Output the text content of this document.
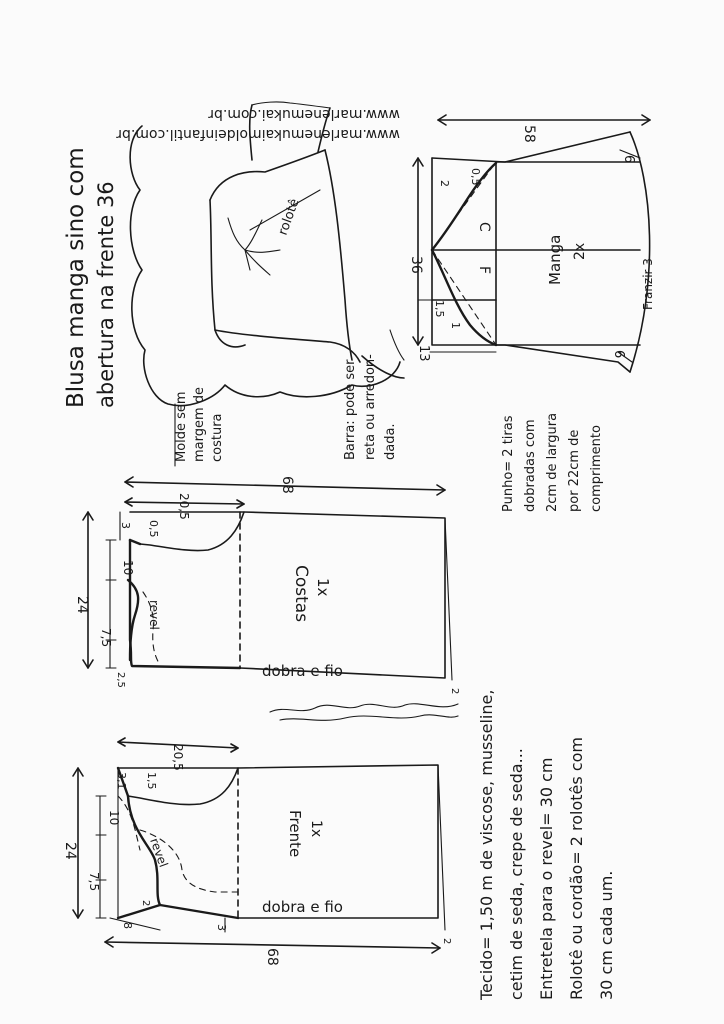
Blusa manga sino com abertura na frente 36
www.marlenemukai.com.br
www.marlenemukaimoldeinfantil.com.br
Molde sem margem de costura
rolotê
Barra: pode ser reta ou arredon- dada.
58
36
6
6
13
2 0,5
1,5
1
C
F	Manga 2x
Franzir 3
Punho= 2 tiras dobradas com 2cm de largura por 22cm de comprimento
68
20,5
24
3 0,5
10
7,5
2,5
2
revel	Costas 1x
dobra e fio
20,5
68
24
3,1 1,5
10
7,5
8
2
3
2
revel	Frente 1x
dobra e fio	Tecido= 1,50 m de viscose, musseline, cetim de seda, crepe de seda... Entretela para o revel= 30 cm Rolotê ou cordão= 2 rolotês com 30 cm cada um.
